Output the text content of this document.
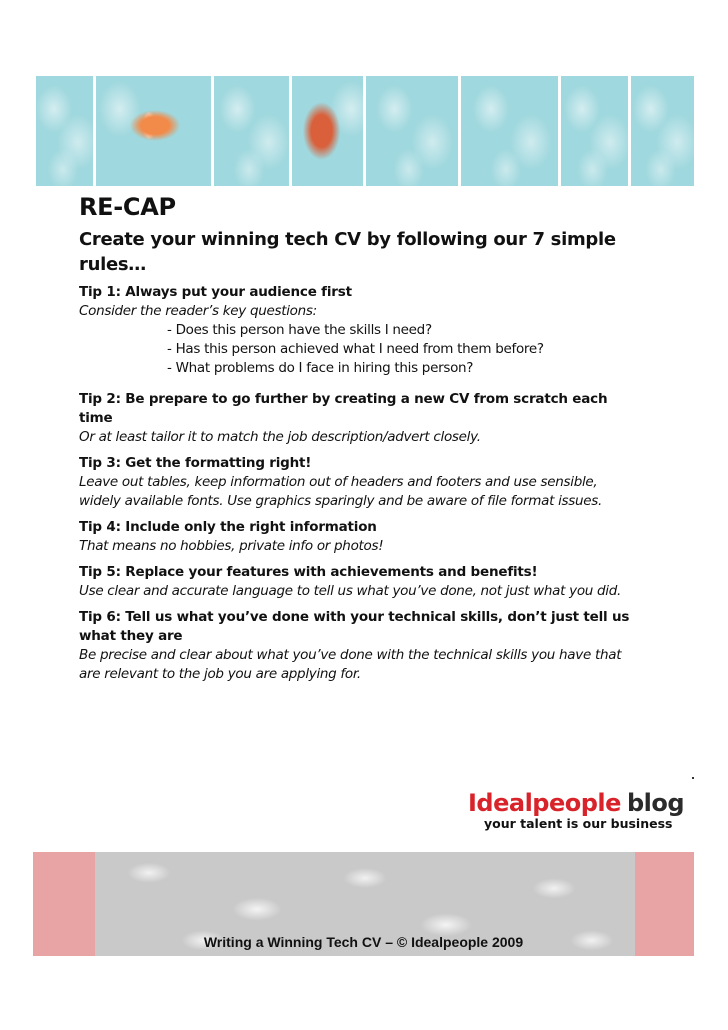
RE-CAP
Create your winning tech CV by following our 7 simple rules…

Tip 1: Always put your audience first

Consider the reader’s key questions:

- Does this person have the skills I need?
- Has this person achieved what I need from them before?
- What problems do I face in hiring this person?

Tip 2: Be prepare to go further by creating a new CV from scratch each time

Or at least tailor it to match the job description/advert closely.

Tip 3: Get the formatting right!

Leave out tables, keep information out of headers and footers and use sensible, widely available fonts. Use graphics sparingly and be aware of file format issues.

Tip 4: Include only the right information

That means no hobbies, private info or photos!

Tip 5: Replace your features with achievements and benefits!

Use clear and accurate language to tell us what you’ve done, not just what you did.

Tip 6: Tell us what you’ve done with your technical skills, don’t just tell us what they are

Be precise and clear about what you’ve done with the technical skills you have that are relevant to the job you are applying for.

Idealpeople blog
your talent is our business
Writing a Winning Tech CV – © Idealpeople 2009
